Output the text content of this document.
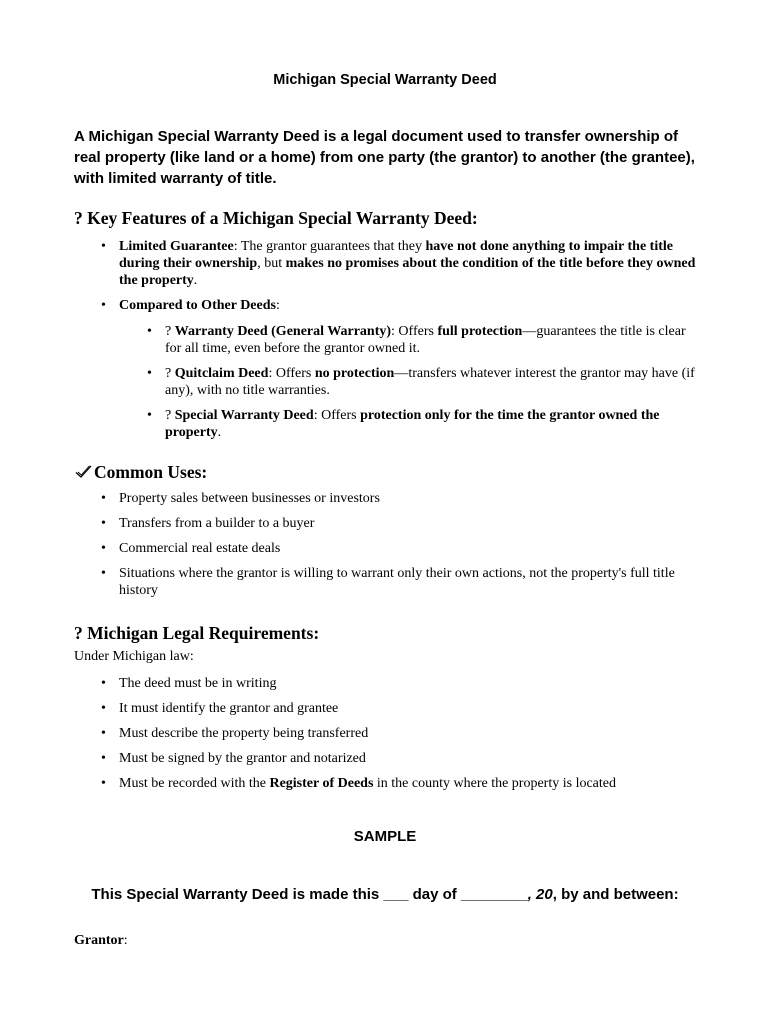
Michigan Special Warranty Deed
A Michigan Special Warranty Deed is a legal document used to transfer ownership of real property (like land or a home) from one party (the grantor) to another (the grantee), with limited warranty of title.
? Key Features of a Michigan Special Warranty Deed:
• Limited Guarantee: The grantor guarantees that they have not done anything to impair the title during their ownership, but makes no promises about the condition of the title before they owned the property.
• Compared to Other Deeds:
• ? Warranty Deed (General Warranty): Offers full protection—guarantees the title is clear for all time, even before the grantor owned it.
• ? Quitclaim Deed: Offers no protection—transfers whatever interest the grantor may have (if any), with no title warranties.
• ? Special Warranty Deed: Offers protection only for the time the grantor owned the property.
Common Uses:
• Property sales between businesses or investors
• Transfers from a builder to a buyer
• Commercial real estate deals
• Situations where the grantor is willing to warrant only their own actions, not the property's full title history
? Michigan Legal Requirements:
Under Michigan law:
• The deed must be in writing
• It must identify the grantor and grantee
• Must describe the property being transferred
• Must be signed by the grantor and notarized
• Must be recorded with the Register of Deeds in the county where the property is located
SAMPLE
This Special Warranty Deed is made this ___ day of ________, 20, by and between:
Grantor:
